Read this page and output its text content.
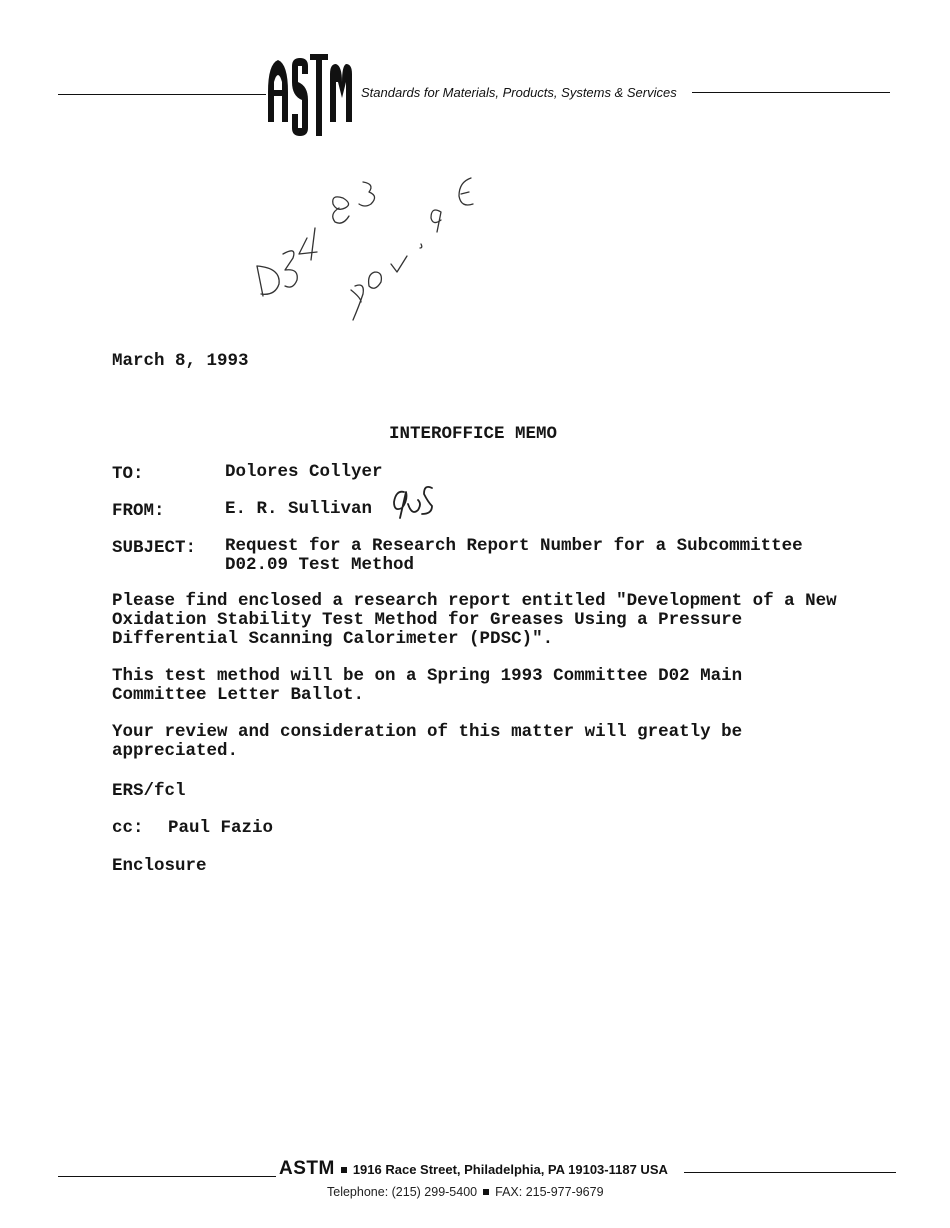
Standards for Materials, Products, Systems & Services
March 8, 1993
INTEROFFICE MEMO
TO:	Dolores Collyer
FROM:	E. R. Sullivan
SUBJECT: Request for a Research Report Number for a Subcommittee
D02.09 Test Method

Please find enclosed a research report entitled "Development of a New Oxidation Stability Test Method for Greases Using a Pressure Differential Scanning Calorimeter (PDSC)".

This test method will be on a Spring 1993 Committee D02 Main Committee Letter Ballot.

Your review and consideration of this matter will greatly be appreciated.

ERS/fcl
cc: Paul Fazio
Enclosure
ASTM 1916 Race Street, Philadelphia, PA 19103-1187 USA
Telephone: (215) 299-5400 FAX: 215-977-9679
